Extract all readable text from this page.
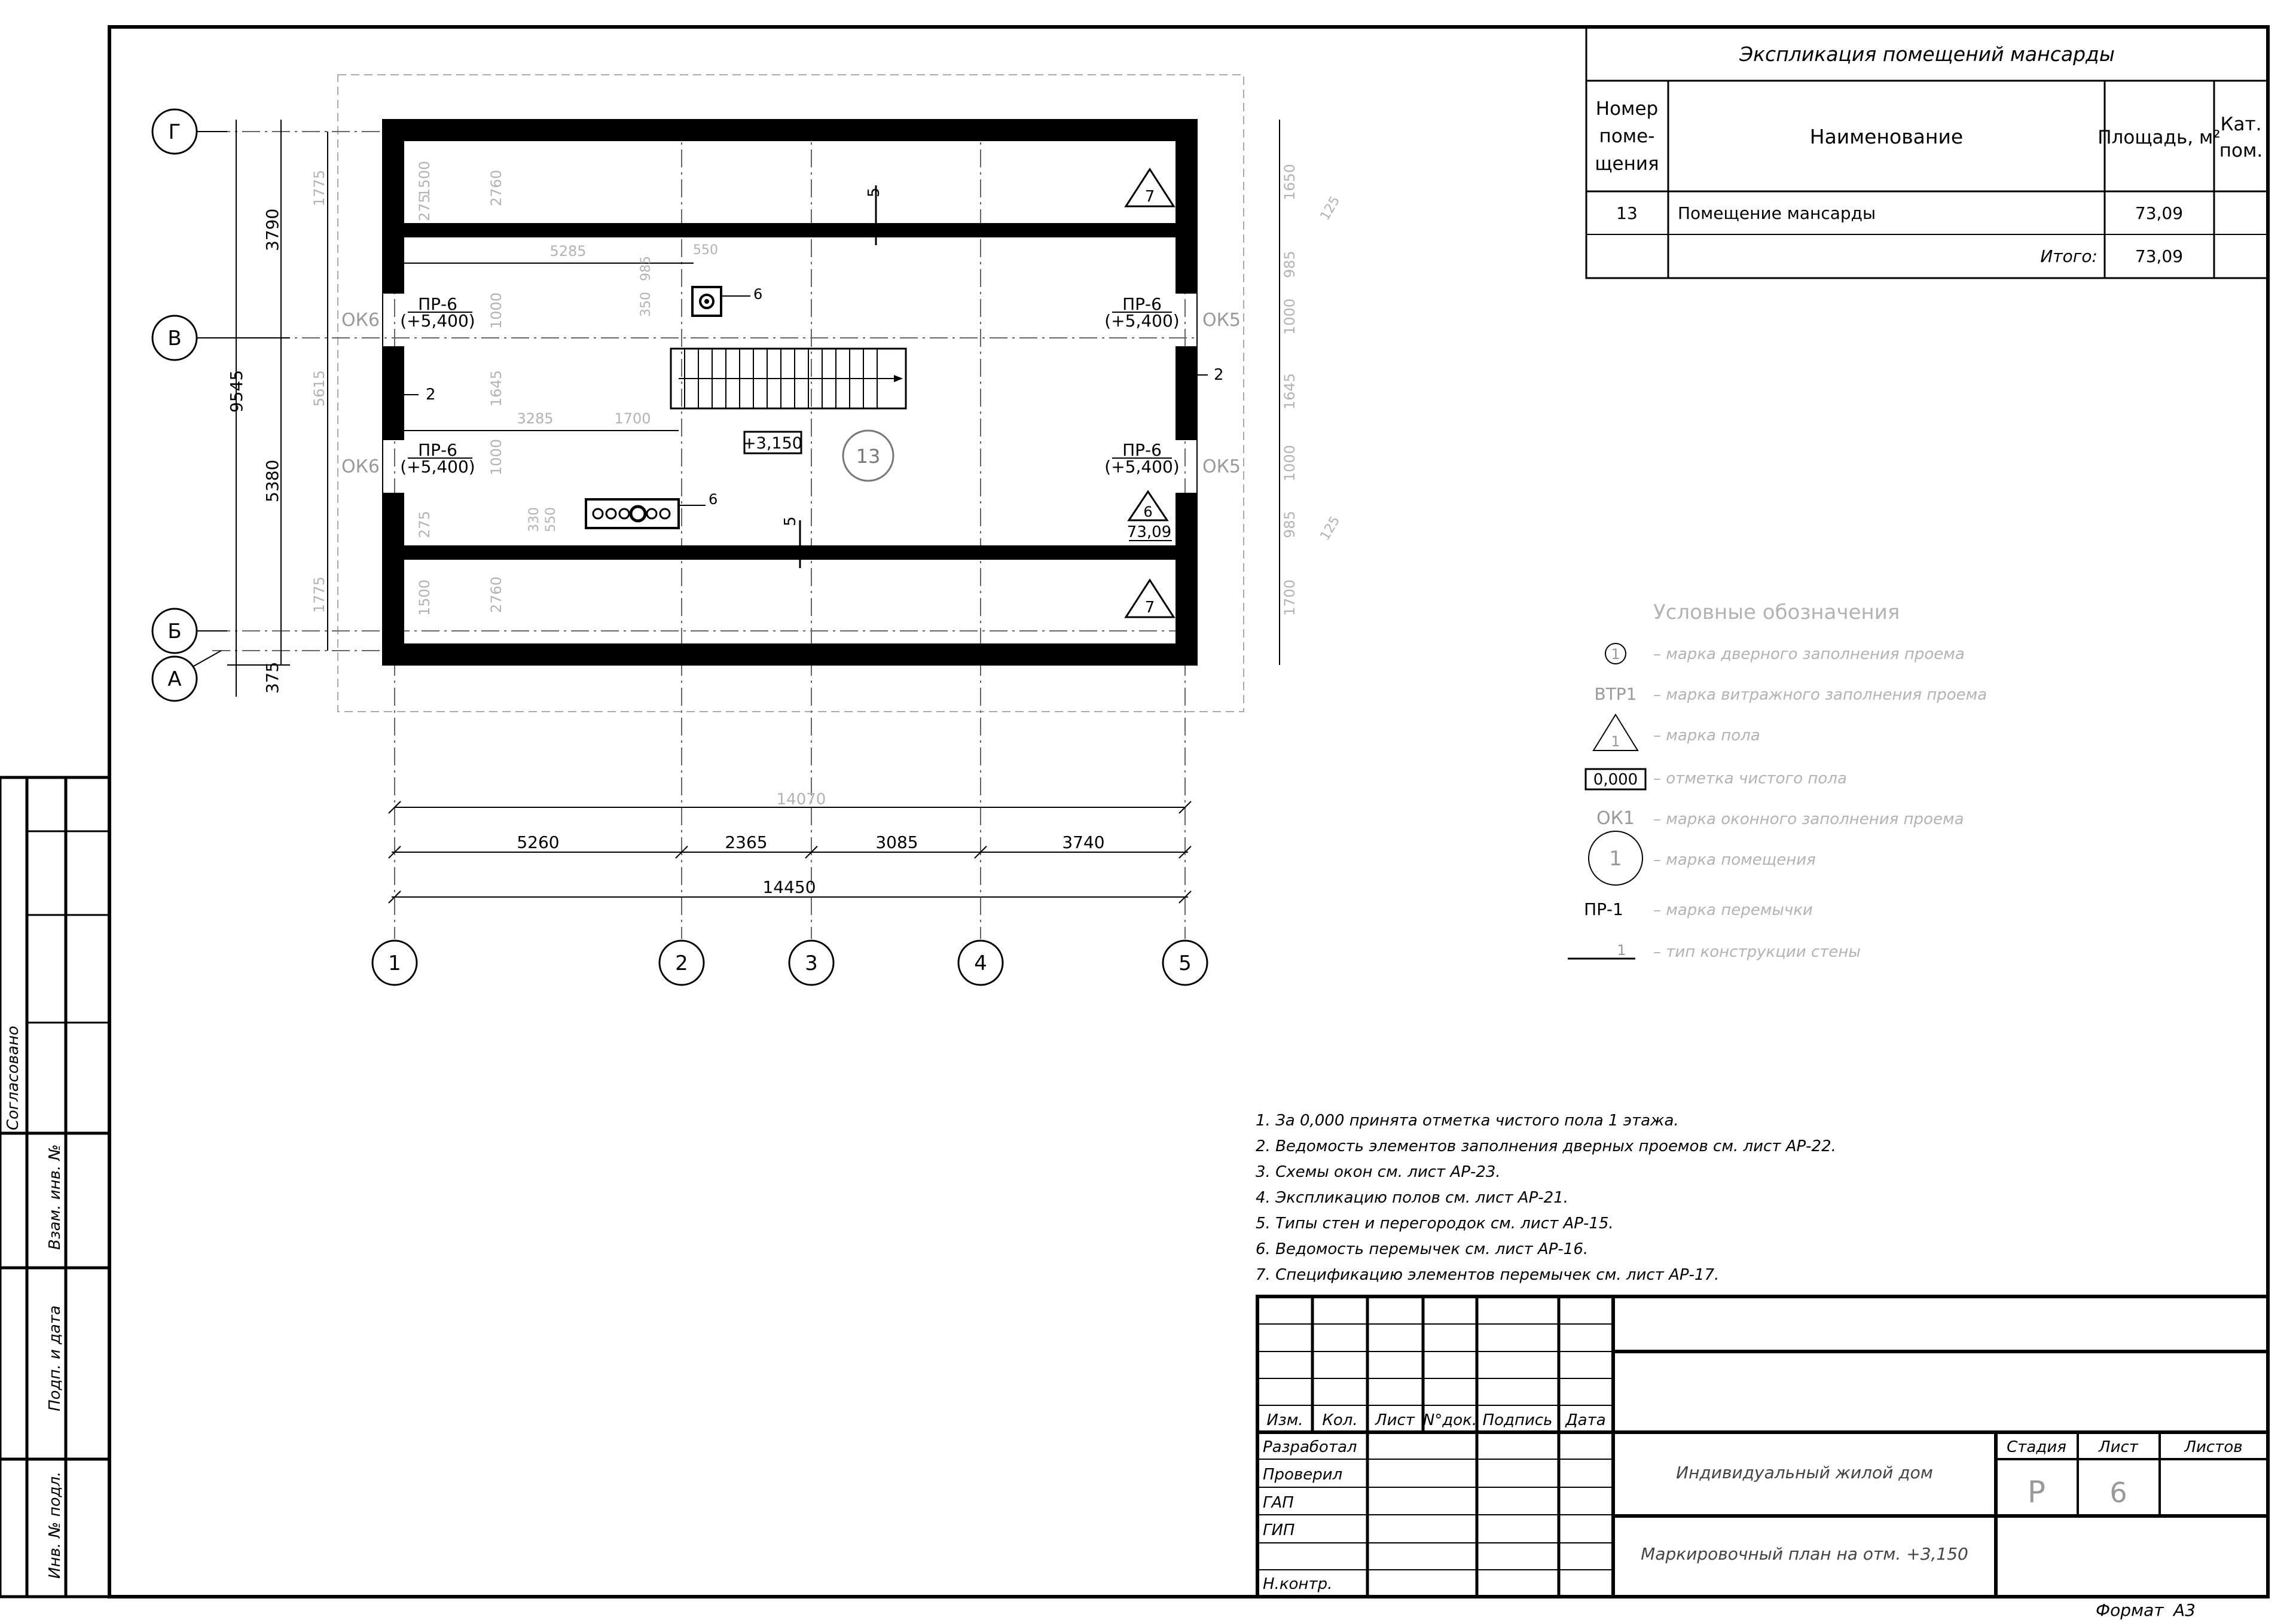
Согласовано
Взам. инв. №
Подп. и дата
Инв. № подл.
Экспликация помещений мансарды
Номер
поме-
щения
Наименование	Площадь, м²
Кат.
пом.
13 Помещение мансарды	73,09
Итого: 73,09
6
6
13
+3,150
7
7
6
73,09
ПР-6
(+5,400)
ПР-6
(+5,400)
ПР-6
(+5,400)
ПР-6
(+5,400)
ОК6
ОК6
ОК5
ОК5
2
2
5
5
1500	2760
275
1645
1000
1000
275
1500	2760
5285
3285	1700
550
350
985
330 550
1650
985
1000
1645
1000
985
1700
125
125
9545
3790
5380
375
1775
5615
1775
Г
В
Б
А
14070
5260	2365	3085	3740
14450
1	2	3	4	5
Условные обозначения
1 – марка дверного заполнения проема
ВТР1 – марка витражного заполнения проема
1 – марка пола
0,000 – отметка чистого пола
ОК1 – марка оконного заполнения проема
1 – марка помещения
ПР-1 – марка перемычки
1 – тип конструкции стены
1. За 0,000 принята отметка чистого пола 1 этажа.
2. Ведомость элементов заполнения дверных проемов см. лист АР-22.
3. Схемы окон см. лист АР-23.
4. Экспликацию полов см. лист АР-21.
5. Типы стен и перегородок см. лист АР-15.
6. Ведомость перемычек см. лист АР-16.
7. Спецификацию элементов перемычек см. лист АР-17.
Изм. Кол. Лист N°док. Подпись Дата
Разработал
Проверил
ГАП
ГИП
Н.контр.
Индивидуальный жилой дом
Маркировочный план на отм. +3,150
Стадия Лист	Листов
Р 6
Формат А3
